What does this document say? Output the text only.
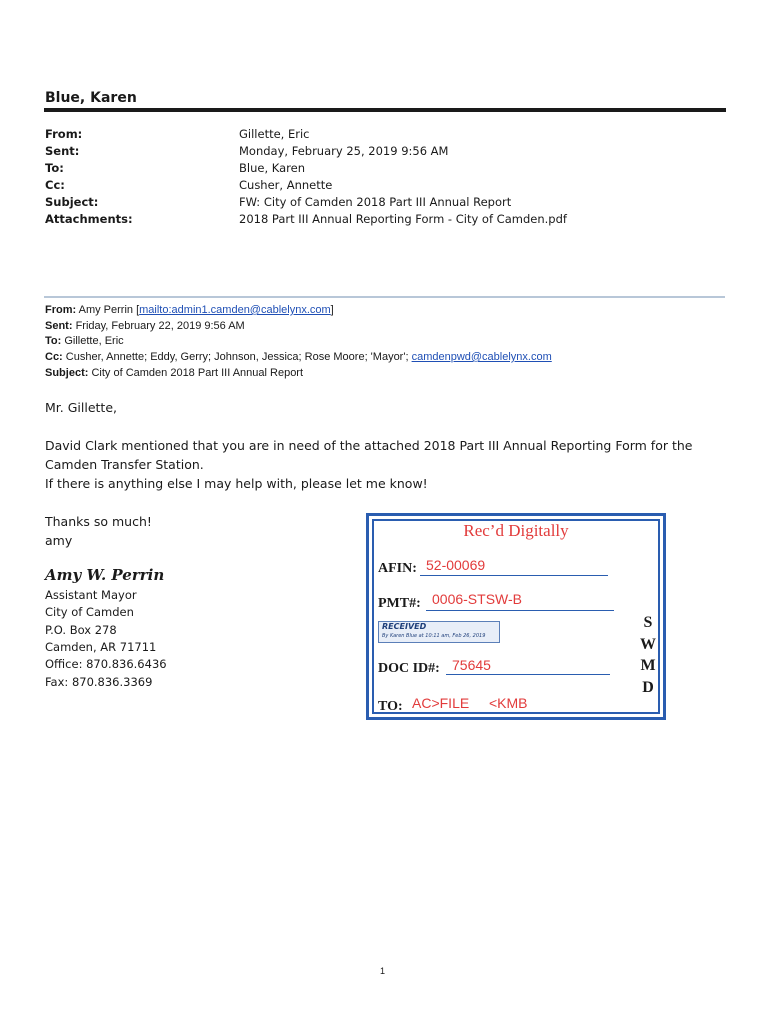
Blue, Karen
From:	Gillette, Eric
Sent:	Monday, February 25, 2019 9:56 AM
To:	Blue, Karen
Cc:	Cusher, Annette
Subject:	FW: City of Camden 2018 Part III Annual Report
Attachments:	2018 Part III Annual Reporting Form - City of Camden.pdf
From: Amy Perrin [mailto:admin1.camden@cablelynx.com]
Sent: Friday, February 22, 2019 9:56 AM
To: Gillette, Eric
Cc: Cusher, Annette; Eddy, Gerry; Johnson, Jessica; Rose Moore; 'Mayor'; camdenpwd@cablelynx.com
Subject: City of Camden 2018 Part III Annual Report
Mr. Gillette,
David Clark mentioned that you are in need of the attached 2018 Part III Annual Reporting Form for the
Camden Transfer Station.
If there is anything else I may help with, please let me know!
Thanks so much!
amy
Amy W. Perrin
Assistant Mayor
City of Camden
P.O. Box 278
Camden, AR 71711
Office: 870.836.6436
Fax: 870.836.3369
Rec’d Digitally
AFIN: 52-00069
PMT#: 0006-STSW-B
RECEIVED
By Karen Blue at 10:11 am, Feb 26, 2019
DOC ID#: 75645
TO: AC>FILE <KMB
S
W
M
D
1
